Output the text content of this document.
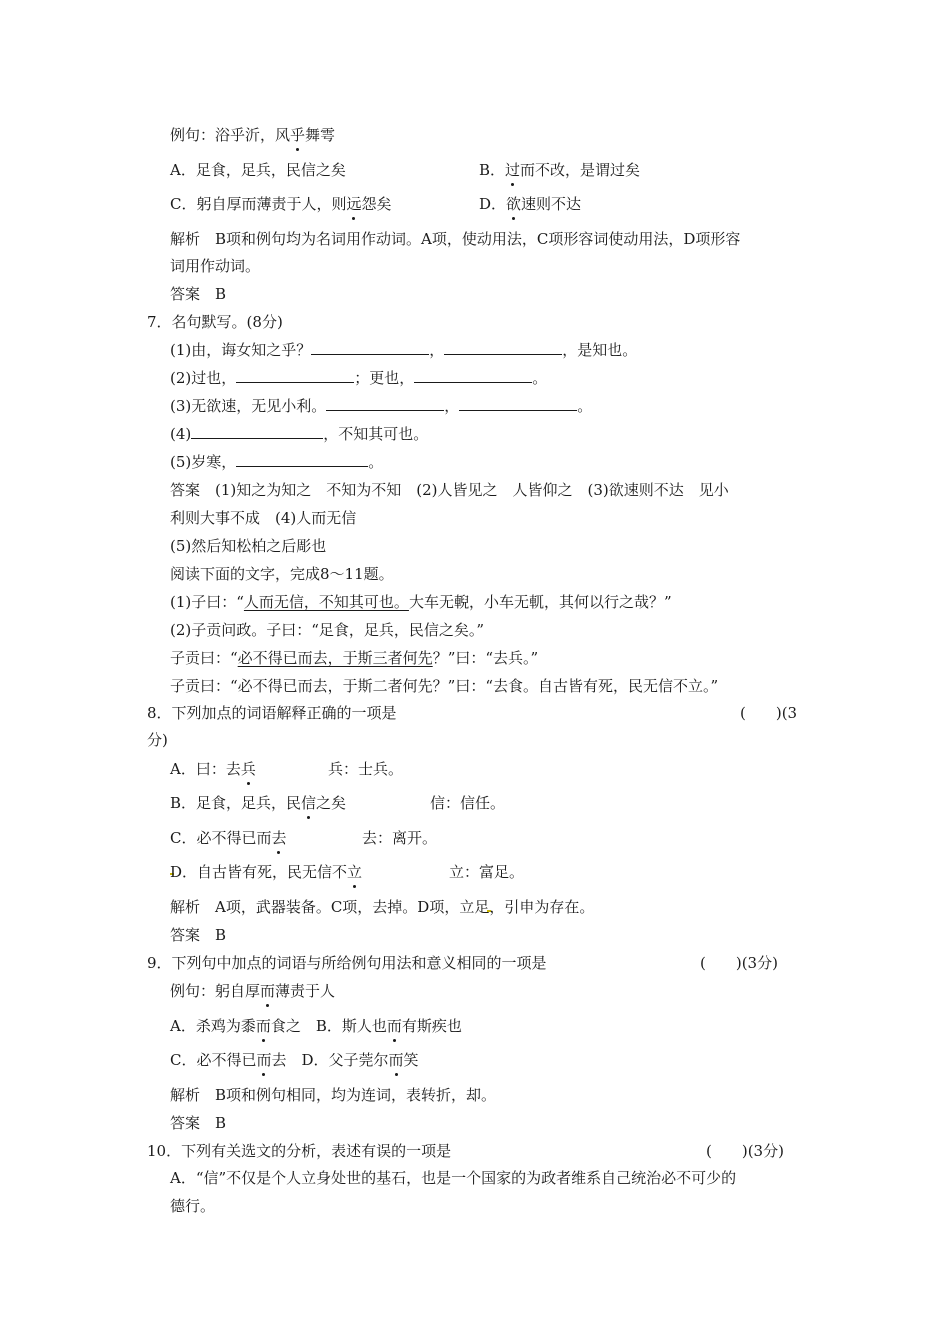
例句：浴乎沂，风乎舞雩
A．足食，足兵，民信之矣	B．过而不改，是谓过矣
C．躬自厚而薄责于人，则远怨矣	D．欲速则不达
解析　B项和例句均为名词用作动词。A项，使动用法，C项形容词使动用法，D项形容
词用作动词。
答案　B
7．名句默写。(8分)
(1)由，诲女知之乎？	，	，是知也。
(2)过也，	；更也，	。
(3)无欲速，无见小利。	，	。
(4)	，不知其可也。
(5)岁寒，	。
答案　(1)知之为知之　不知为不知　(2)人皆见之　人皆仰之　(3)欲速则不达　见小
利则大事不成　(4)人而无信
(5)然后知松柏之后彫也
阅读下面的文字，完成8～11题。
(1)子曰：“人而无信，不知其可也。大车无輗，小车无軏，其何以行之哉？”
(2)子贡问政。子曰：“足食，足兵，民信之矣。”
子贡曰：“必不得已而去，于斯三者何先？”曰：“去兵。”
子贡曰：“必不得已而去，于斯二者何先？”曰：“去食。自古皆有死，民无信不立。”
8．下列加点的词语解释正确的一项是	(　　)(3
分)
A．曰：去兵	兵：士兵。
B．足食，足兵，民信之矣	信：信任。
C．必不得已而去	去：离开。
D．自古皆有死，民无信不立	立：富足。
解析　A项，武器装备。C项，去掉。D项，立足，引申为存在。
答案　B
9．下列句中加点的词语与所给例句用法和意义相同的一项是	(　　)(3分)
例句：躬自厚而薄责于人
A．杀鸡为黍而食之　B．斯人也而有斯疾也
C．必不得已而去　D．父子莞尔而笑
解析　B项和例句相同，均为连词，表转折，却。
答案　B
10．下列有关选文的分析，表述有误的一项是	(　　)(3分)
A．“信”不仅是个人立身处世的基石，也是一个国家的为政者维系自己统治必不可少的
德行。
